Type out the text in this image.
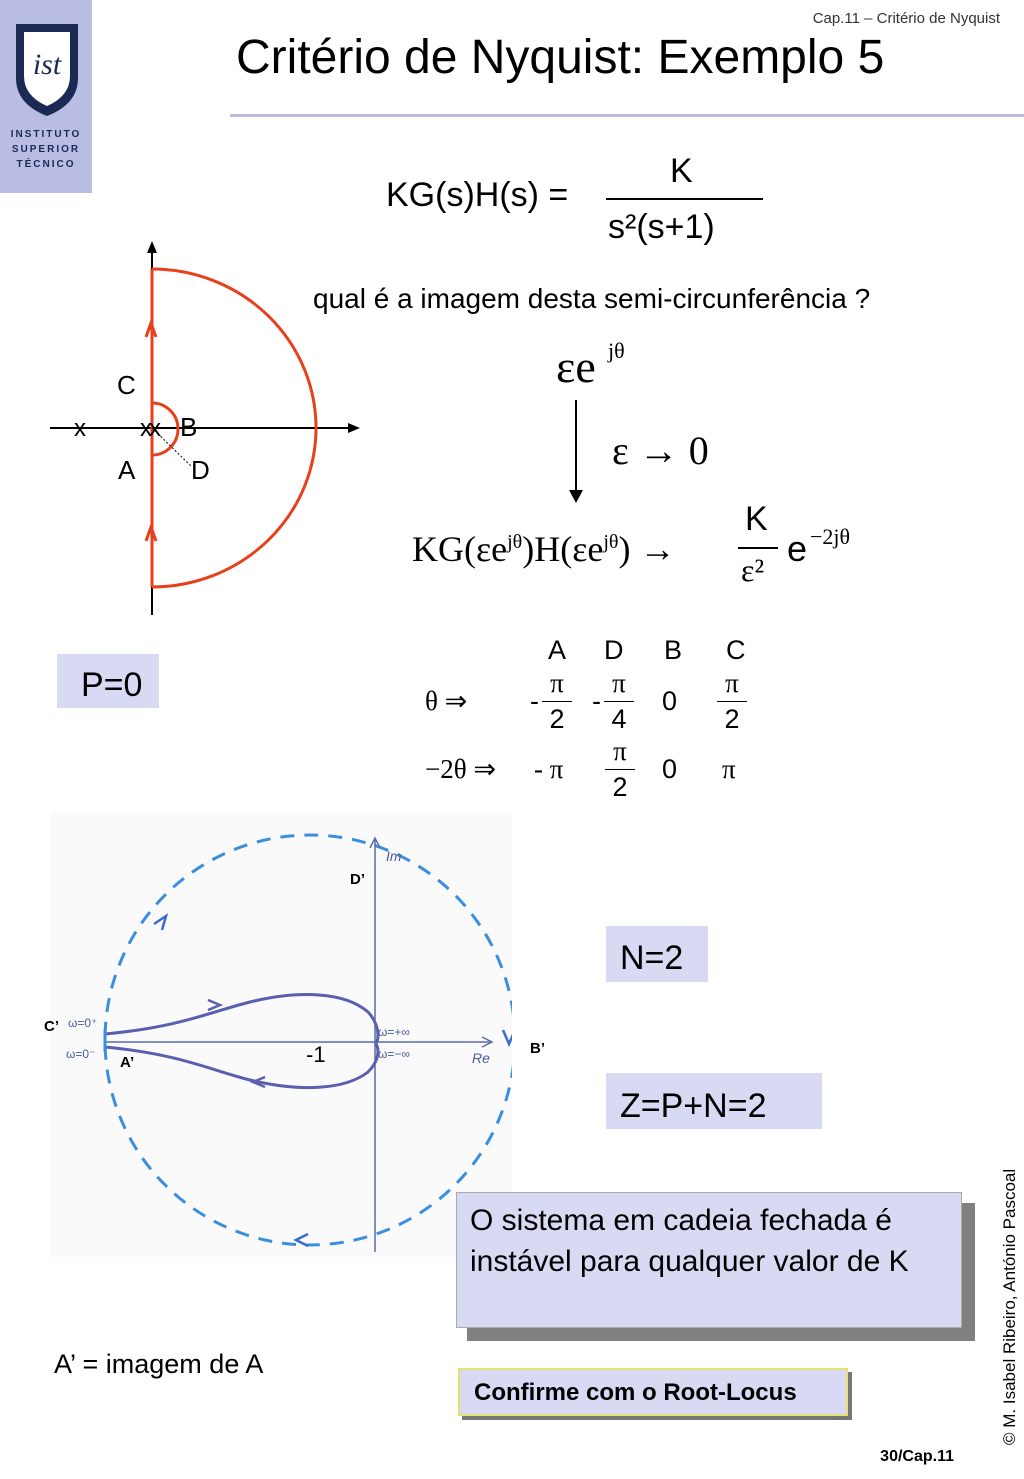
ist
INSTITUTO
SUPERIOR
TÉCNICO
Cap.11 – Critério de Nyquist
Critério de Nyquist: Exemplo 5
KG(s)H(s) =
K
s²(s+1)
C
B
A D
x xx
qual é a imagem desta semi-circunferência ?
εe jθ
ε → 0
$KG(\varepsilon e^{j\theta})H(\varepsilon e^{j\theta})$ →
K
ε²
e −2jθ
P=0
A D B C
θ ⇒ -
π
2
-
π
4
0
π
2
−2θ ⇒ - π
π
2
0 π
Im
Re
D’
C’
B’
A’	-1
ω=0⁺
ω=0⁻
ω=+∞
ω=−∞
N=2
Z=P+N=2
O sistema em cadeia fechada é instável para qualquer valor de K
A’ = imagem de A
Confirme com o Root-Locus	© M. Isabel Ribeiro, António Pascoal
30/Cap.11
